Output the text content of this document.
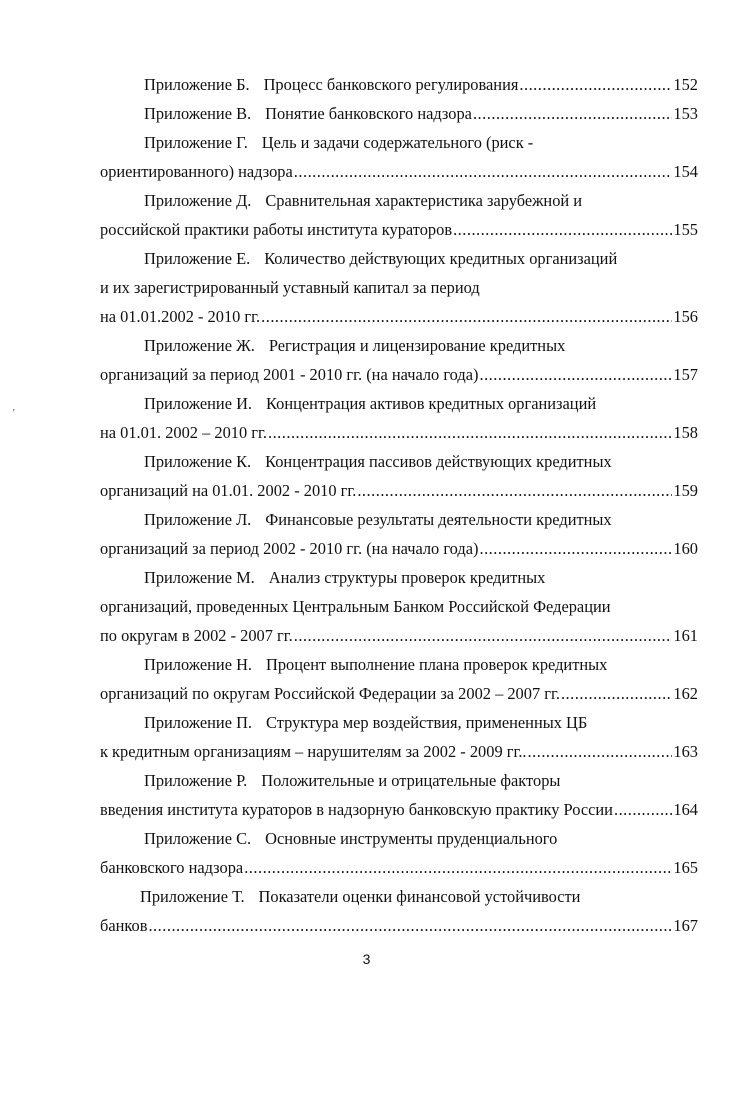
Приложение Б. Процесс банковского регулирования .....	152
Приложение В. Понятие банковского надзора .....	153
Приложение Г. Цель и задачи содержательного (риск -
ориентированного) надзора .....	154
Приложение Д. Сравнительная характеристика зарубежной и
российской практики работы института кураторов .....	155
Приложение Е. Количество действующих кредитных организаций
и их зарегистрированный уставный капитал за период
на 01.01.2002 - 2010 гг. .....	156
Приложение Ж. Регистрация и лицензирование кредитных
организаций за период 2001 - 2010 гг. (на начало года) .....	157
Приложение И. Концентрация активов кредитных организаций
на 01.01. 2002 – 2010 гг. .....	158
Приложение К. Концентрация пассивов действующих кредитных
организаций на 01.01. 2002 - 2010 гг. .....	159
Приложение Л. Финансовые результаты деятельности кредитных
организаций за период 2002 - 2010 гг. (на начало года) .....	160
Приложение М. Анализ структуры проверок кредитных
организаций, проведенных Центральным Банком Российской Федерации
по округам в 2002 - 2007 гг. .....	161
Приложение Н. Процент выполнение плана проверок кредитных
организаций по округам Российской Федерации за 2002 – 2007 гг. .....	162
Приложение П. Структура мер воздействия, примененных ЦБ
к кредитным организациям – нарушителям за 2002 - 2009 гг.. .....	163
Приложение Р. Положительные и отрицательные факторы
введения института кураторов в надзорную банковскую практику России .....	164
Приложение С. Основные инструменты пруденциального
банковского надзора .....	165
Приложение Т. Показатели оценки финансовой устойчивости
банков .....	167
ʼ
3
